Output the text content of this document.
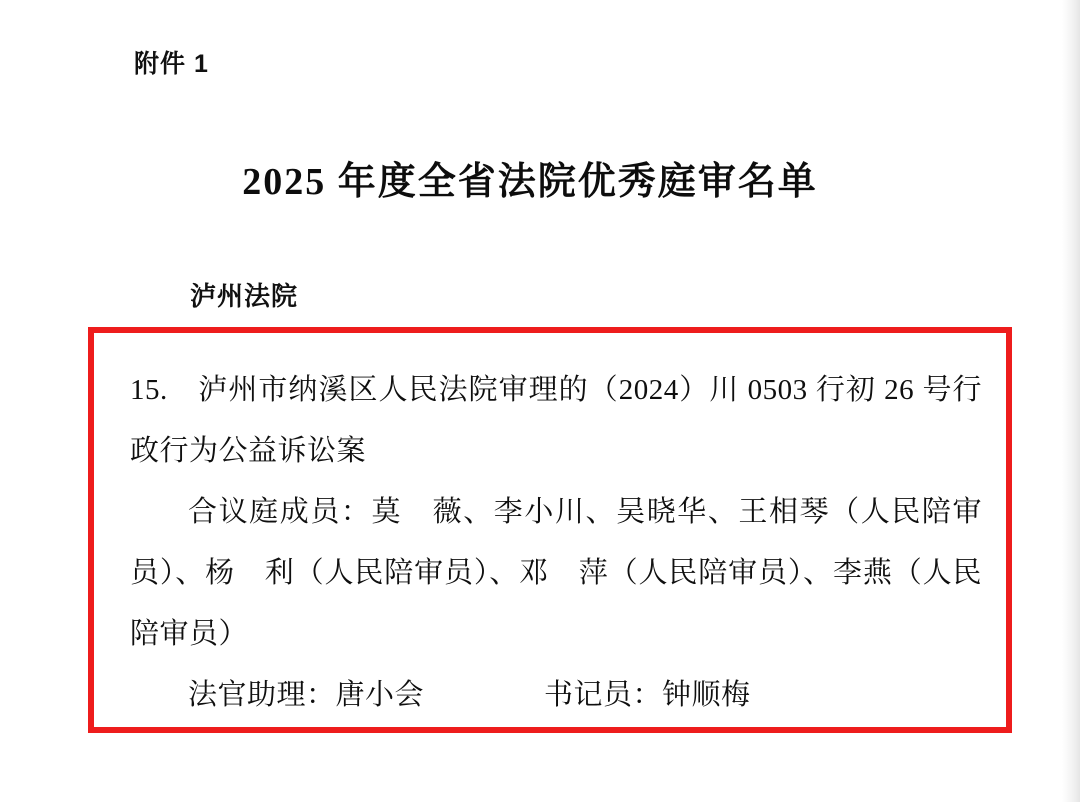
附件 1
2025 年度全省法院优秀庭审名单
泸州法院
15.　泸州市纳溪区人民法院审理的（2024）川 0503 行初 26 号行政行为公益诉讼案
合议庭成员：莫　薇、李小川、吴晓华、王相琴（人民陪审员）、杨　利（人民陪审员）、邓　萍（人民陪审员）、李燕（人民陪审员）
法官助理：唐小会	书记员：钟顺梅
